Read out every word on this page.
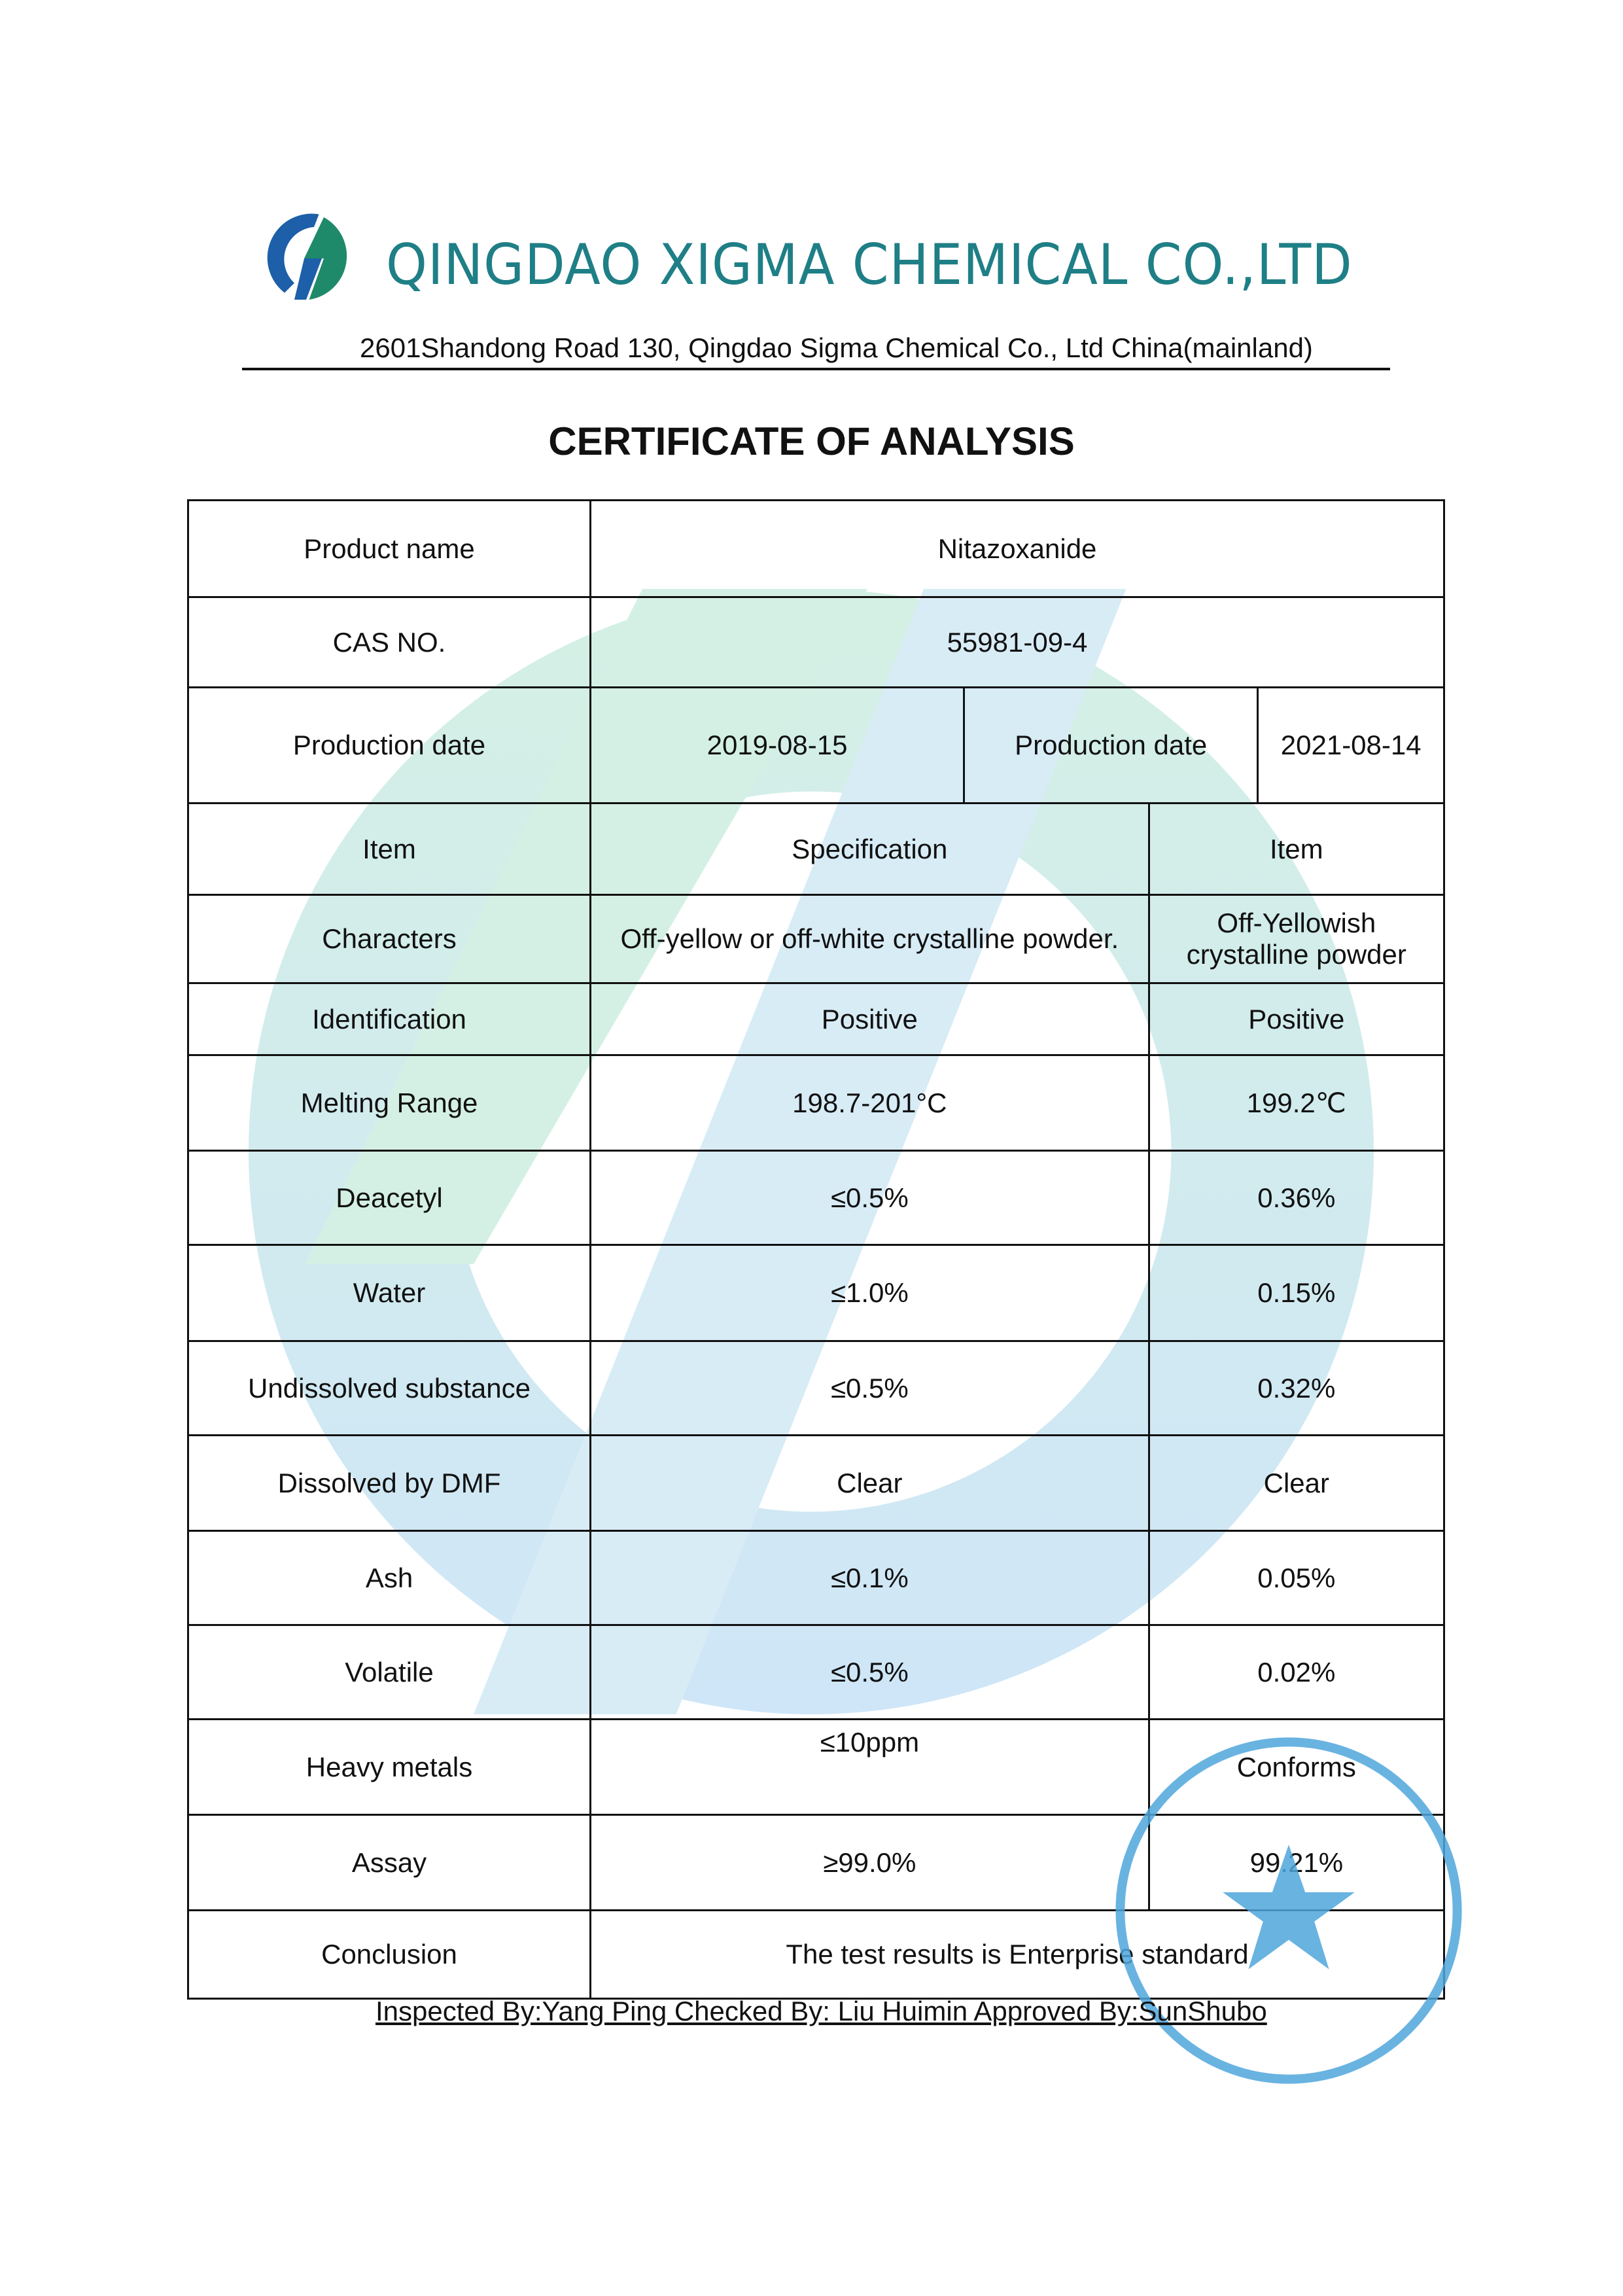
QINGDAO XIGMA CHEMICAL CO.,LTD
2601Shandong Road 130, Qingdao Sigma Chemical Co., Ltd China(mainland)
CERTIFICATE OF ANALYSIS
Product name	Nitazoxanide			
CAS NO.	55981-09-4			
Production date	2019-08-15	Production date		2021-08-14
Item	Specification		Item	
Characters	Off-yellow or off-white crystalline powder.		Off-Yellowish crystalline powder	
Identification	Positive		Positive	
Melting Range	198.7-201°C		199.2℃	
Deacetyl	≤0.5%		0.36%	
Water	≤1.0%		0.15%	
Undissolved substance	≤0.5%		0.32%	
Dissolved by DMF	Clear		Clear	
Ash	≤0.1%		0.05%	
Volatile	≤0.5%		0.02%	
Heavy metals	≤10ppm		Conforms	
Assay	≥99.0%		99.21%	
Conclusion	The test results is Enterprise standard			
Inspected By:Yang Ping Checked By: Liu Huimin Approved By:SunShubo
